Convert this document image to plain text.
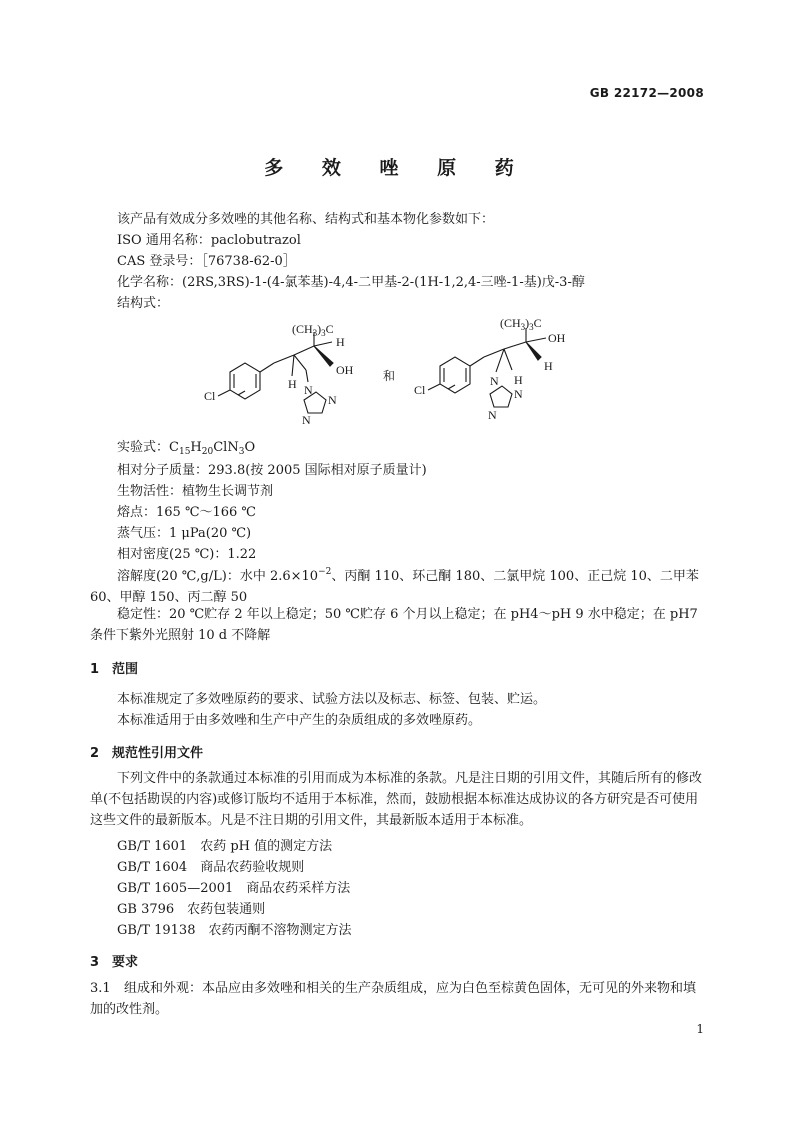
GB 22172—2008
多 效 唑 原 药
该产品有效成分多效唑的其他名称、结构式和基本物化参数如下：
ISO 通用名称：paclobutrazol
CAS 登录号：［76738-62-0］
化学名称：(2RS,3RS)-1-(4-氯苯基)-4,4-二甲基-2-(1H-1,2,4-三唑-1-基)戊-3-醇
结构式：
Cl
$(CH_3)_3C$
H
OH
H N
N
N
和
Cl
$(CH_3)_3C$
OH
H
H
N
N
N
实验式：$C_{15}H_{20}ClN_3O$
相对分子质量：293.8(按 2005 国际相对原子质量计)
生物活性：植物生长调节剂
熔点：165 ℃～166 ℃
蒸气压：1 μPa(20 ℃)
相对密度(25 ℃)：1.22
溶解度(20 ℃,g/L)：水中 $2.6\times 10^{-2}$、丙酮 110、环己酮 180、二氯甲烷 100、正己烷 10、二甲苯 60、甲醇 150、丙二醇 50
稳定性：20 ℃贮存 2 年以上稳定；50 ℃贮存 6 个月以上稳定；在 pH4～pH 9 水中稳定；在 pH7 条件下紫外光照射 10 d 不降解
1 范围
本标准规定了多效唑原药的要求、试验方法以及标志、标签、包装、贮运。
本标准适用于由多效唑和生产中产生的杂质组成的多效唑原药。
2 规范性引用文件
下列文件中的条款通过本标准的引用而成为本标准的条款。凡是注日期的引用文件，其随后所有的修改单(不包括勘误的内容)或修订版均不适用于本标准，然而，鼓励根据本标准达成协议的各方研究是否可使用这些文件的最新版本。凡是不注日期的引用文件，其最新版本适用于本标准。
GB/T 1601　农药 pH 值的测定方法
GB/T 1604　商品农药验收规则
GB/T 1605—2001　商品农药采样方法
GB 3796　农药包装通则
GB/T 19138　农药丙酮不溶物测定方法
3 要求
3.1 组成和外观：本品应由多效唑和相关的生产杂质组成，应为白色至棕黄色固体，无可见的外来物和填加的改性剂。
1
